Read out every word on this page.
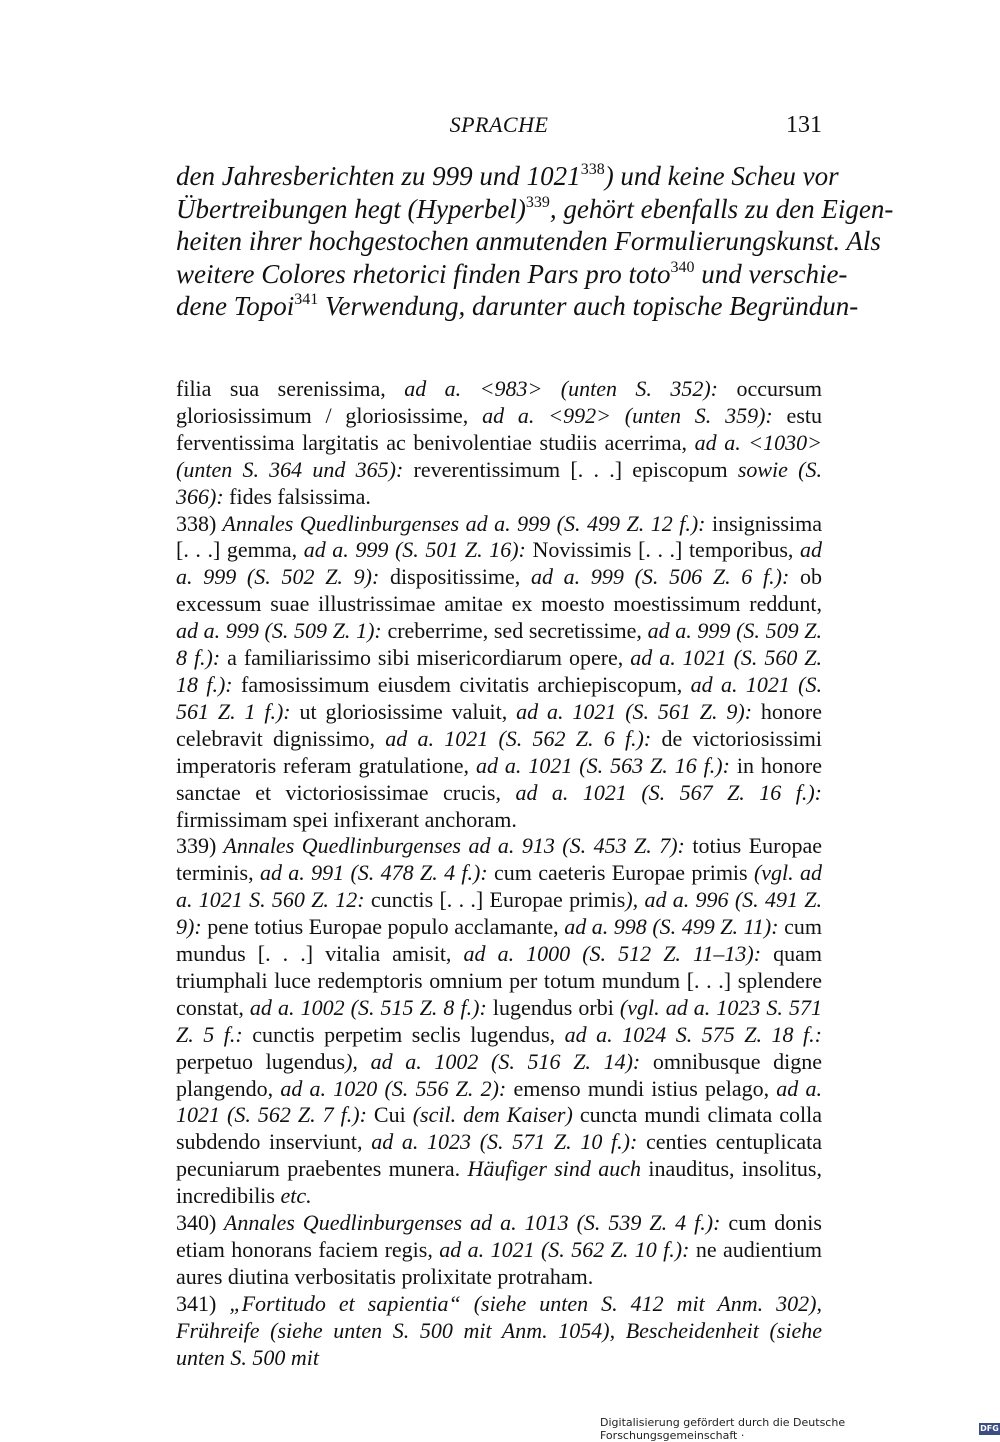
SPRACHE	131
den Jahresberichten zu 999 und 1021$^{338}$) und keine Scheu vor
Übertreibungen hegt (Hyperbel)$^{339}$, gehört ebenfalls zu den Eigen-
heiten ihrer hochgestochen anmutenden Formulierungskunst. Als
weitere Colores rhetorici finden Pars pro toto$^{340}$ und verschie-
dene Topoi$^{341}$ Verwendung, darunter auch topische Begründun-

filia sua serenissima, ad a. <983> (unten S. 352): occursum gloriosissimum / gloriosissime, ad a. <992> (unten S. 359): estu ferventissima largitatis ac benivolentiae studiis acerrima, ad a. <1030> (unten S. 364 und 365): reverentissimum [. . .] episcopum sowie (S. 366): fides falsissima.

338) Annales Quedlinburgenses ad a. 999 (S. 499 Z. 12 f.): insignissima [. . .] gemma, ad a. 999 (S. 501 Z. 16): Novissimis [. . .] temporibus, ad a. 999 (S. 502 Z. 9): dispositissime, ad a. 999 (S. 506 Z. 6 f.): ob excessum suae illustrissimae amitae ex moesto moestissimum reddunt, ad a. 999 (S. 509 Z. 1): creberrime, sed secretissime, ad a. 999 (S. 509 Z. 8 f.): a familiarissimo sibi misericordiarum opere, ad a. 1021 (S. 560 Z. 18 f.): famosissimum eiusdem civitatis archiepiscopum, ad a. 1021 (S. 561 Z. 1 f.): ut gloriosissime valuit, ad a. 1021 (S. 561 Z. 9): honore celebravit dignissimo, ad a. 1021 (S. 562 Z. 6 f.): de victoriosissimi imperatoris referam gratulatione, ad a. 1021 (S. 563 Z. 16 f.): in honore sanctae et victoriosissimae crucis, ad a. 1021 (S. 567 Z. 16 f.): firmissimam spei infixerant anchoram.

339) Annales Quedlinburgenses ad a. 913 (S. 453 Z. 7): totius Europae terminis, ad a. 991 (S. 478 Z. 4 f.): cum caeteris Europae primis (vgl. ad a. 1021 S. 560 Z. 12: cunctis [. . .] Europae primis), ad a. 996 (S. 491 Z. 9): pene totius Europae populo acclamante, ad a. 998 (S. 499 Z. 11): cum mundus [. . .] vitalia amisit, ad a. 1000 (S. 512 Z. 11–13): quam triumphali luce redemptoris omnium per totum mundum [. . .] splendere constat, ad a. 1002 (S. 515 Z. 8 f.): lugendus orbi (vgl. ad a. 1023 S. 571 Z. 5 f.: cunctis perpetim seclis lugendus, ad a. 1024 S. 575 Z. 18 f.: perpetuo lugendus), ad a. 1002 (S. 516 Z. 14): omnibusque digne plangendo, ad a. 1020 (S. 556 Z. 2): emenso mundi istius pelago, ad a. 1021 (S. 562 Z. 7 f.): Cui (scil. dem Kaiser) cuncta mundi climata colla subdendo inserviunt, ad a. 1023 (S. 571 Z. 10 f.): centies centuplicata pecuniarum praebentes munera. Häufiger sind auch inauditus, insolitus, incredibilis etc.

340) Annales Quedlinburgenses ad a. 1013 (S. 539 Z. 4 f.): cum donis etiam honorans faciem regis, ad a. 1021 (S. 562 Z. 10 f.): ne audientium aures diutina verbositatis prolixitate protraham.

341) „Fortitudo et sapientia“ (siehe unten S. 412 mit Anm. 302), Frühreife (siehe unten S. 500 mit Anm. 1054), Bescheidenheit (siehe unten S. 500 mit

Digitalisierung gefördert durch die Deutsche Forschungsgemeinschaft ·
DFG
